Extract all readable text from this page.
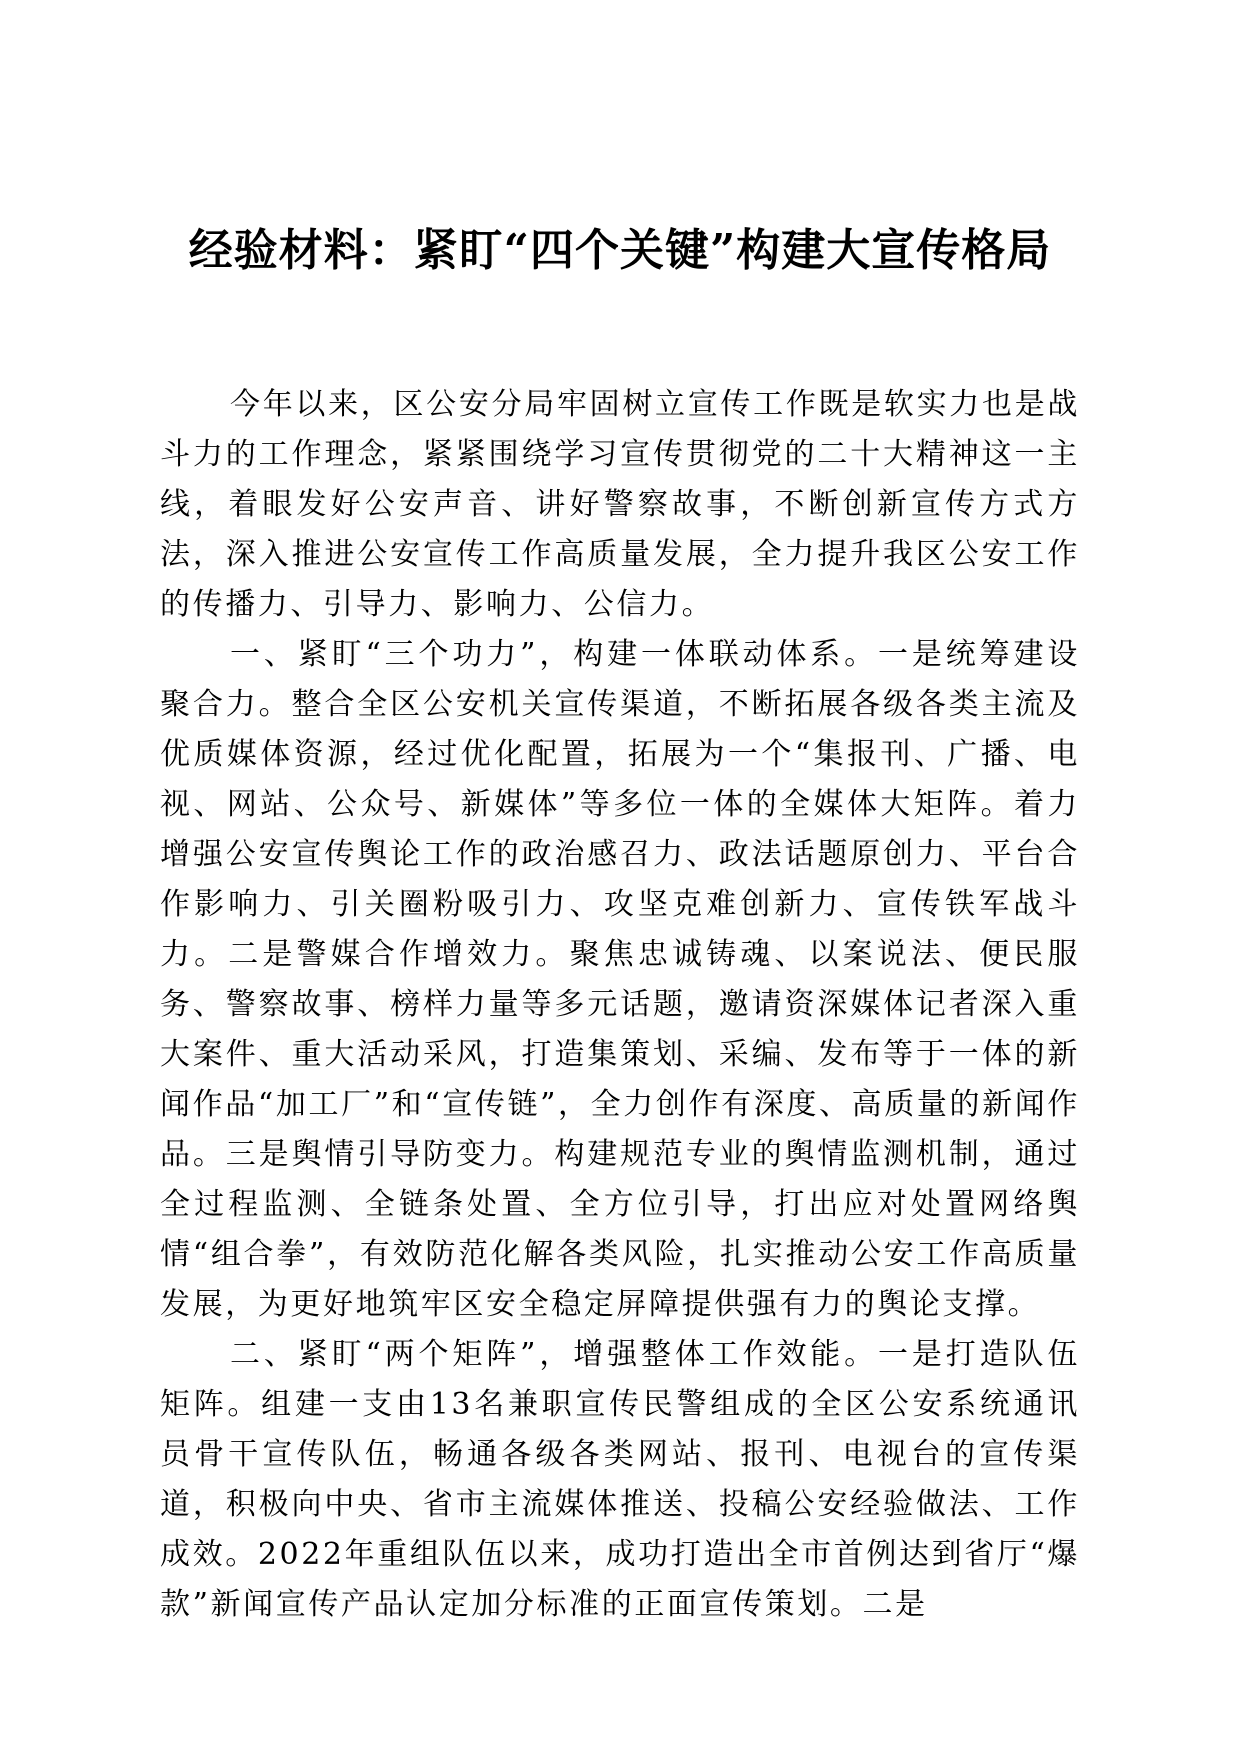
经验材料：紧盯“四个关键”构建大宣传格局

今年以来，区公安分局牢固树立宣传工作既是软实力也是战斗力的工作理念，紧紧围绕学习宣传贯彻党的二十大精神这一主线，着眼发好公安声音、讲好警察故事，不断创新宣传方式方法，深入推进公安宣传工作高质量发展，全力提升我区公安工作的传播力、引导力、影响力、公信力。

一、紧盯“三个功力”，构建一体联动体系。一是统筹建设聚合力。整合全区公安机关宣传渠道，不断拓展各级各类主流及优质媒体资源，经过优化配置，拓展为一个“集报刊、广播、电视、网站、公众号、新媒体”等多位一体的全媒体大矩阵。着力增强公安宣传舆论工作的政治感召力、政法话题原创力、平台合作影响力、引关圈粉吸引力、攻坚克难创新力、宣传铁军战斗力。二是警媒合作增效力。聚焦忠诚铸魂、以案说法、便民服务、警察故事、榜样力量等多元话题，邀请资深媒体记者深入重大案件、重大活动采风，打造集策划、采编、发布等于一体的新闻作品“加工厂”和“宣传链”，全力创作有深度、高质量的新闻作品。三是舆情引导防变力。构建规范专业的舆情监测机制，通过全过程监测、全链条处置、全方位引导，打出应对处置网络舆情“组合拳”，有效防范化解各类风险，扎实推动公安工作高质量发展，为更好地筑牢区安全稳定屏障提供强有力的舆论支撑。

二、紧盯“两个矩阵”，增强整体工作效能。一是打造队伍矩阵。组建一支由13名兼职宣传民警组成的全区公安系统通讯员骨干宣传队伍，畅通各级各类网站、报刊、电视台的宣传渠道，积极向中央、省市主流媒体推送、投稿公安经验做法、工作成效。2022年重组队伍以来，成功打造出全市首例达到省厅“爆款”新闻宣传产品认定加分标准的正面宣传策划。二是
